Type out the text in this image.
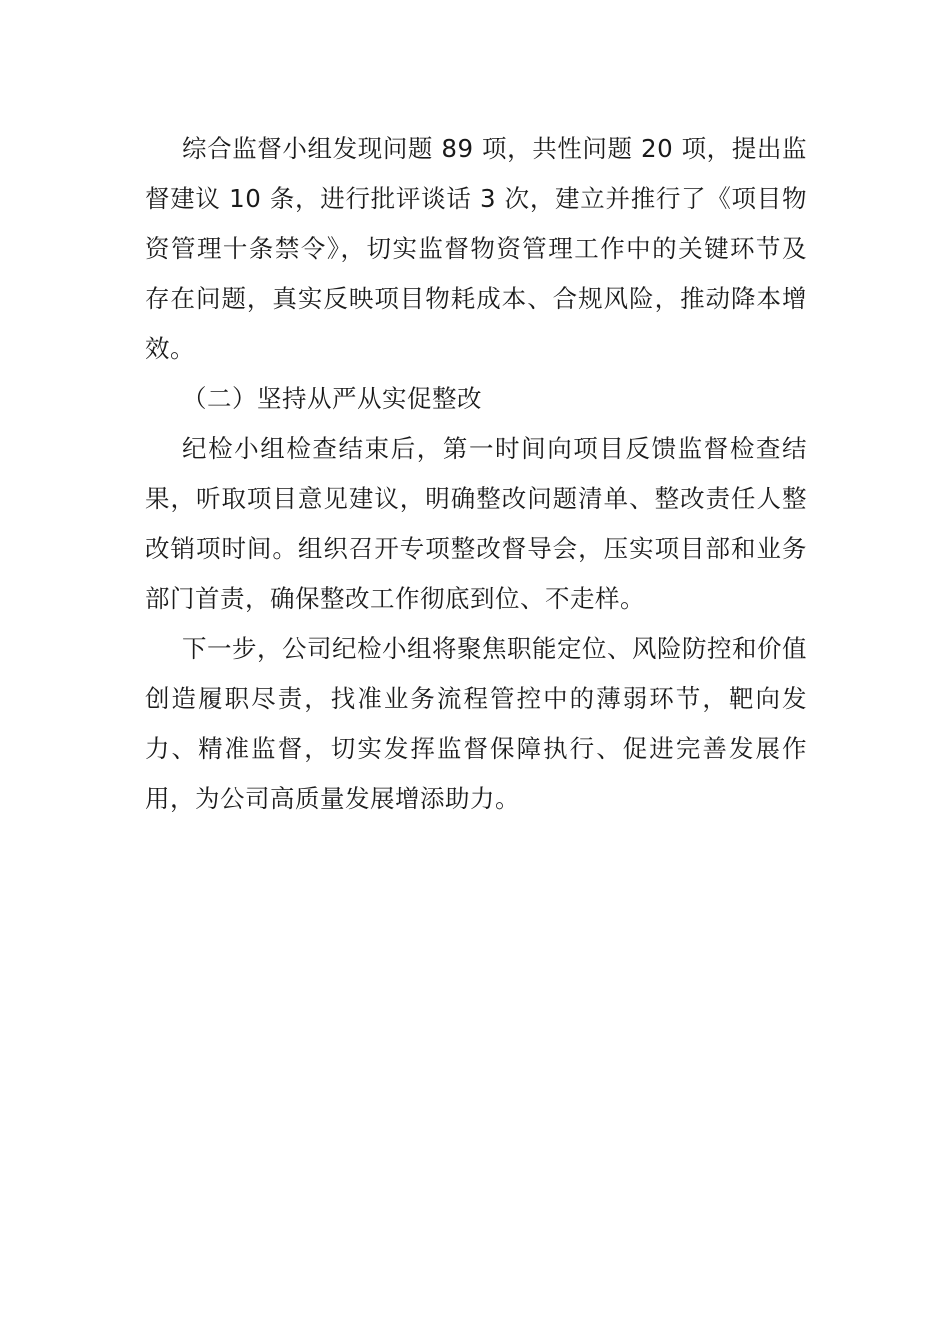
综合监督小组发现问题 89 项，共性问题 20 项，提出监督建议 10 条，进行批评谈话 3 次，建立并推行了《项目物资管理十条禁令》，切实监督物资管理工作中的关键环节及存在问题，真实反映项目物耗成本、合规风险，推动降本增效。

（二）坚持从严从实促整改

纪检小组检查结束后，第一时间向项目反馈监督检查结果，听取项目意见建议，明确整改问题清单、整改责任人整改销项时间。组织召开专项整改督导会，压实项目部和业务部门首责，确保整改工作彻底到位、不走样。

下一步，公司纪检小组将聚焦职能定位、风险防控和价值创造履职尽责，找准业务流程管控中的薄弱环节，靶向发力、精准监督，切实发挥监督保障执行、促进完善发展作用，为公司高质量发展增添助力。
